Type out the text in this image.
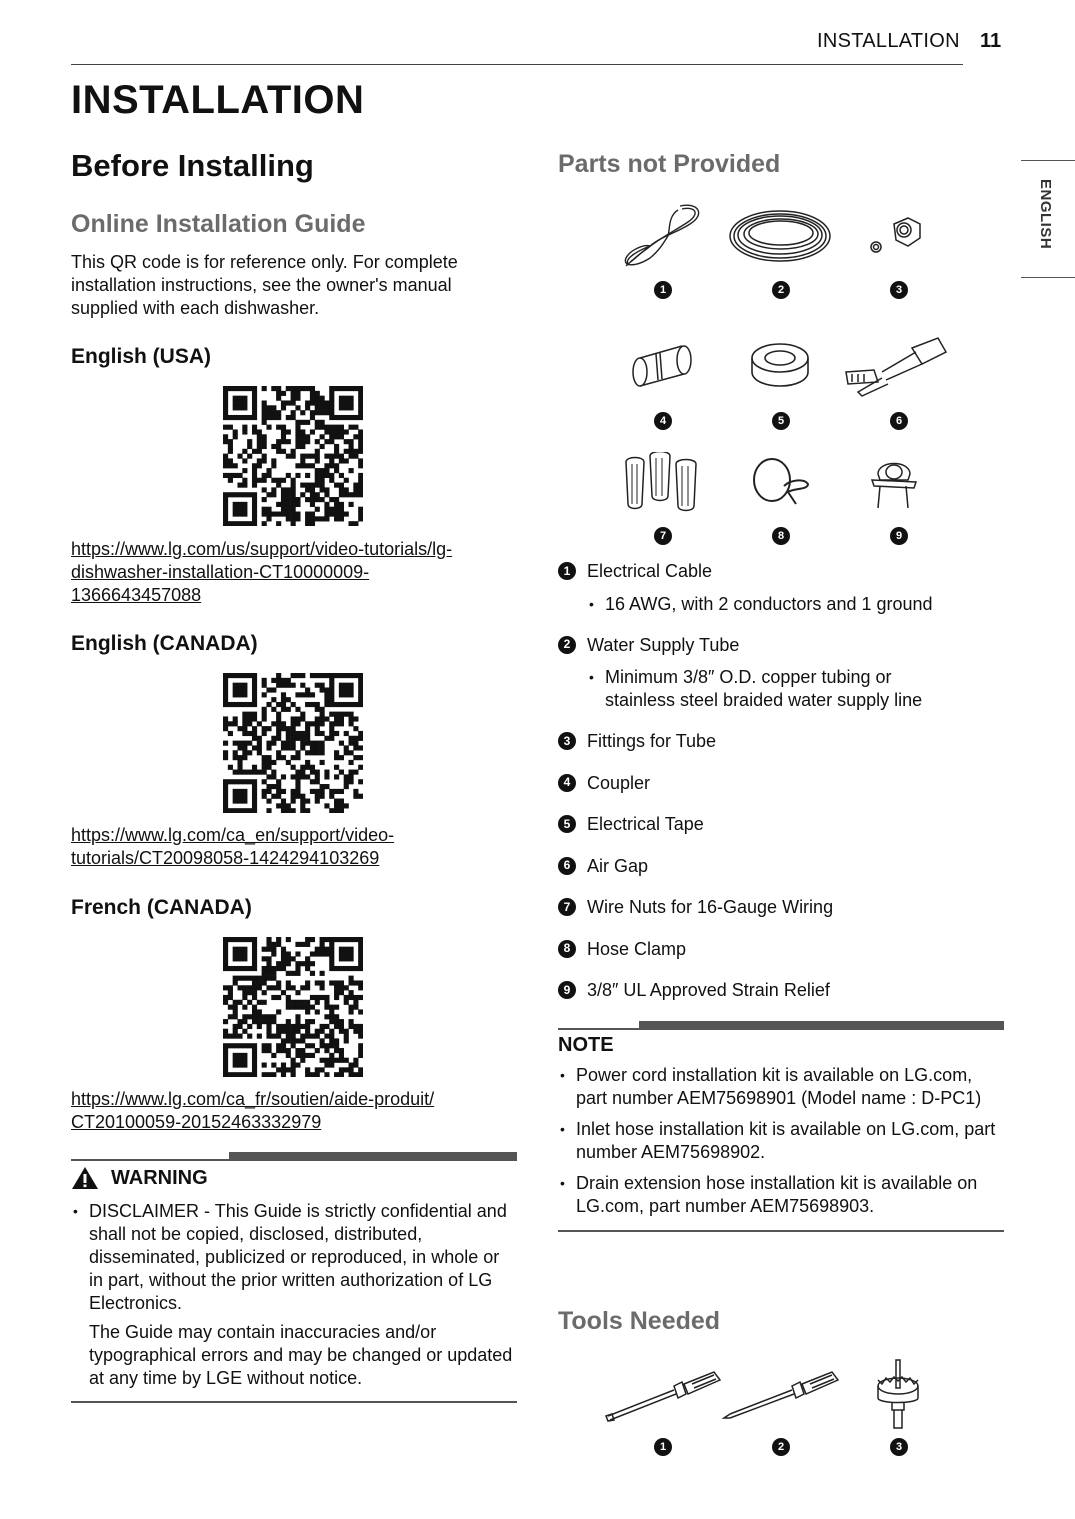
INSTALLATION 11
ENGLISH
INSTALLATION
Before Installing
Online Installation Guide
This QR code is for reference only. For complete installation instructions, see the owner's manual supplied with each dishwasher.
English (USA)
https://www.lg.com/us/support/video-tutorials/lg-
dishwasher-installation-CT10000009-
1366643457088
English (CANADA)
https://www.lg.com/ca_en/support/video-
tutorials/CT20098058-1424294103269
French (CANADA)
https://www.lg.com/ca_fr/soutien/aide-produit/
CT20100059-20152463332979
WARNING
• DISCLAIMER - This Guide is strictly confidential and shall not be copied, disclosed, distributed, disseminated, publicized or reproduced, in whole or in part, without the prior written authorization of LG Electronics.
The Guide may contain inaccuracies and/or typographical errors and may be changed or updated at any time by LGE without notice.
Parts not Provided
1	2	3
4	5	6
7	8	9
1 Electrical Cable
• 16 AWG, with 2 conductors and 1 ground
2 Water Supply Tube
• Minimum 3/8″ O.D. copper tubing or stainless steel braided water supply line
3 Fittings for Tube
4 Coupler
5 Electrical Tape
6 Air Gap
7 Wire Nuts for 16-Gauge Wiring
8 Hose Clamp
9 3/8″ UL Approved Strain Relief
NOTE
• Power cord installation kit is available on LG.com, part number AEM75698901 (Model name : D-PC1)
• Inlet hose installation kit is available on LG.com, part number AEM75698902.
• Drain extension hose installation kit is available on LG.com, part number AEM75698903.
Tools Needed
1	2	3
